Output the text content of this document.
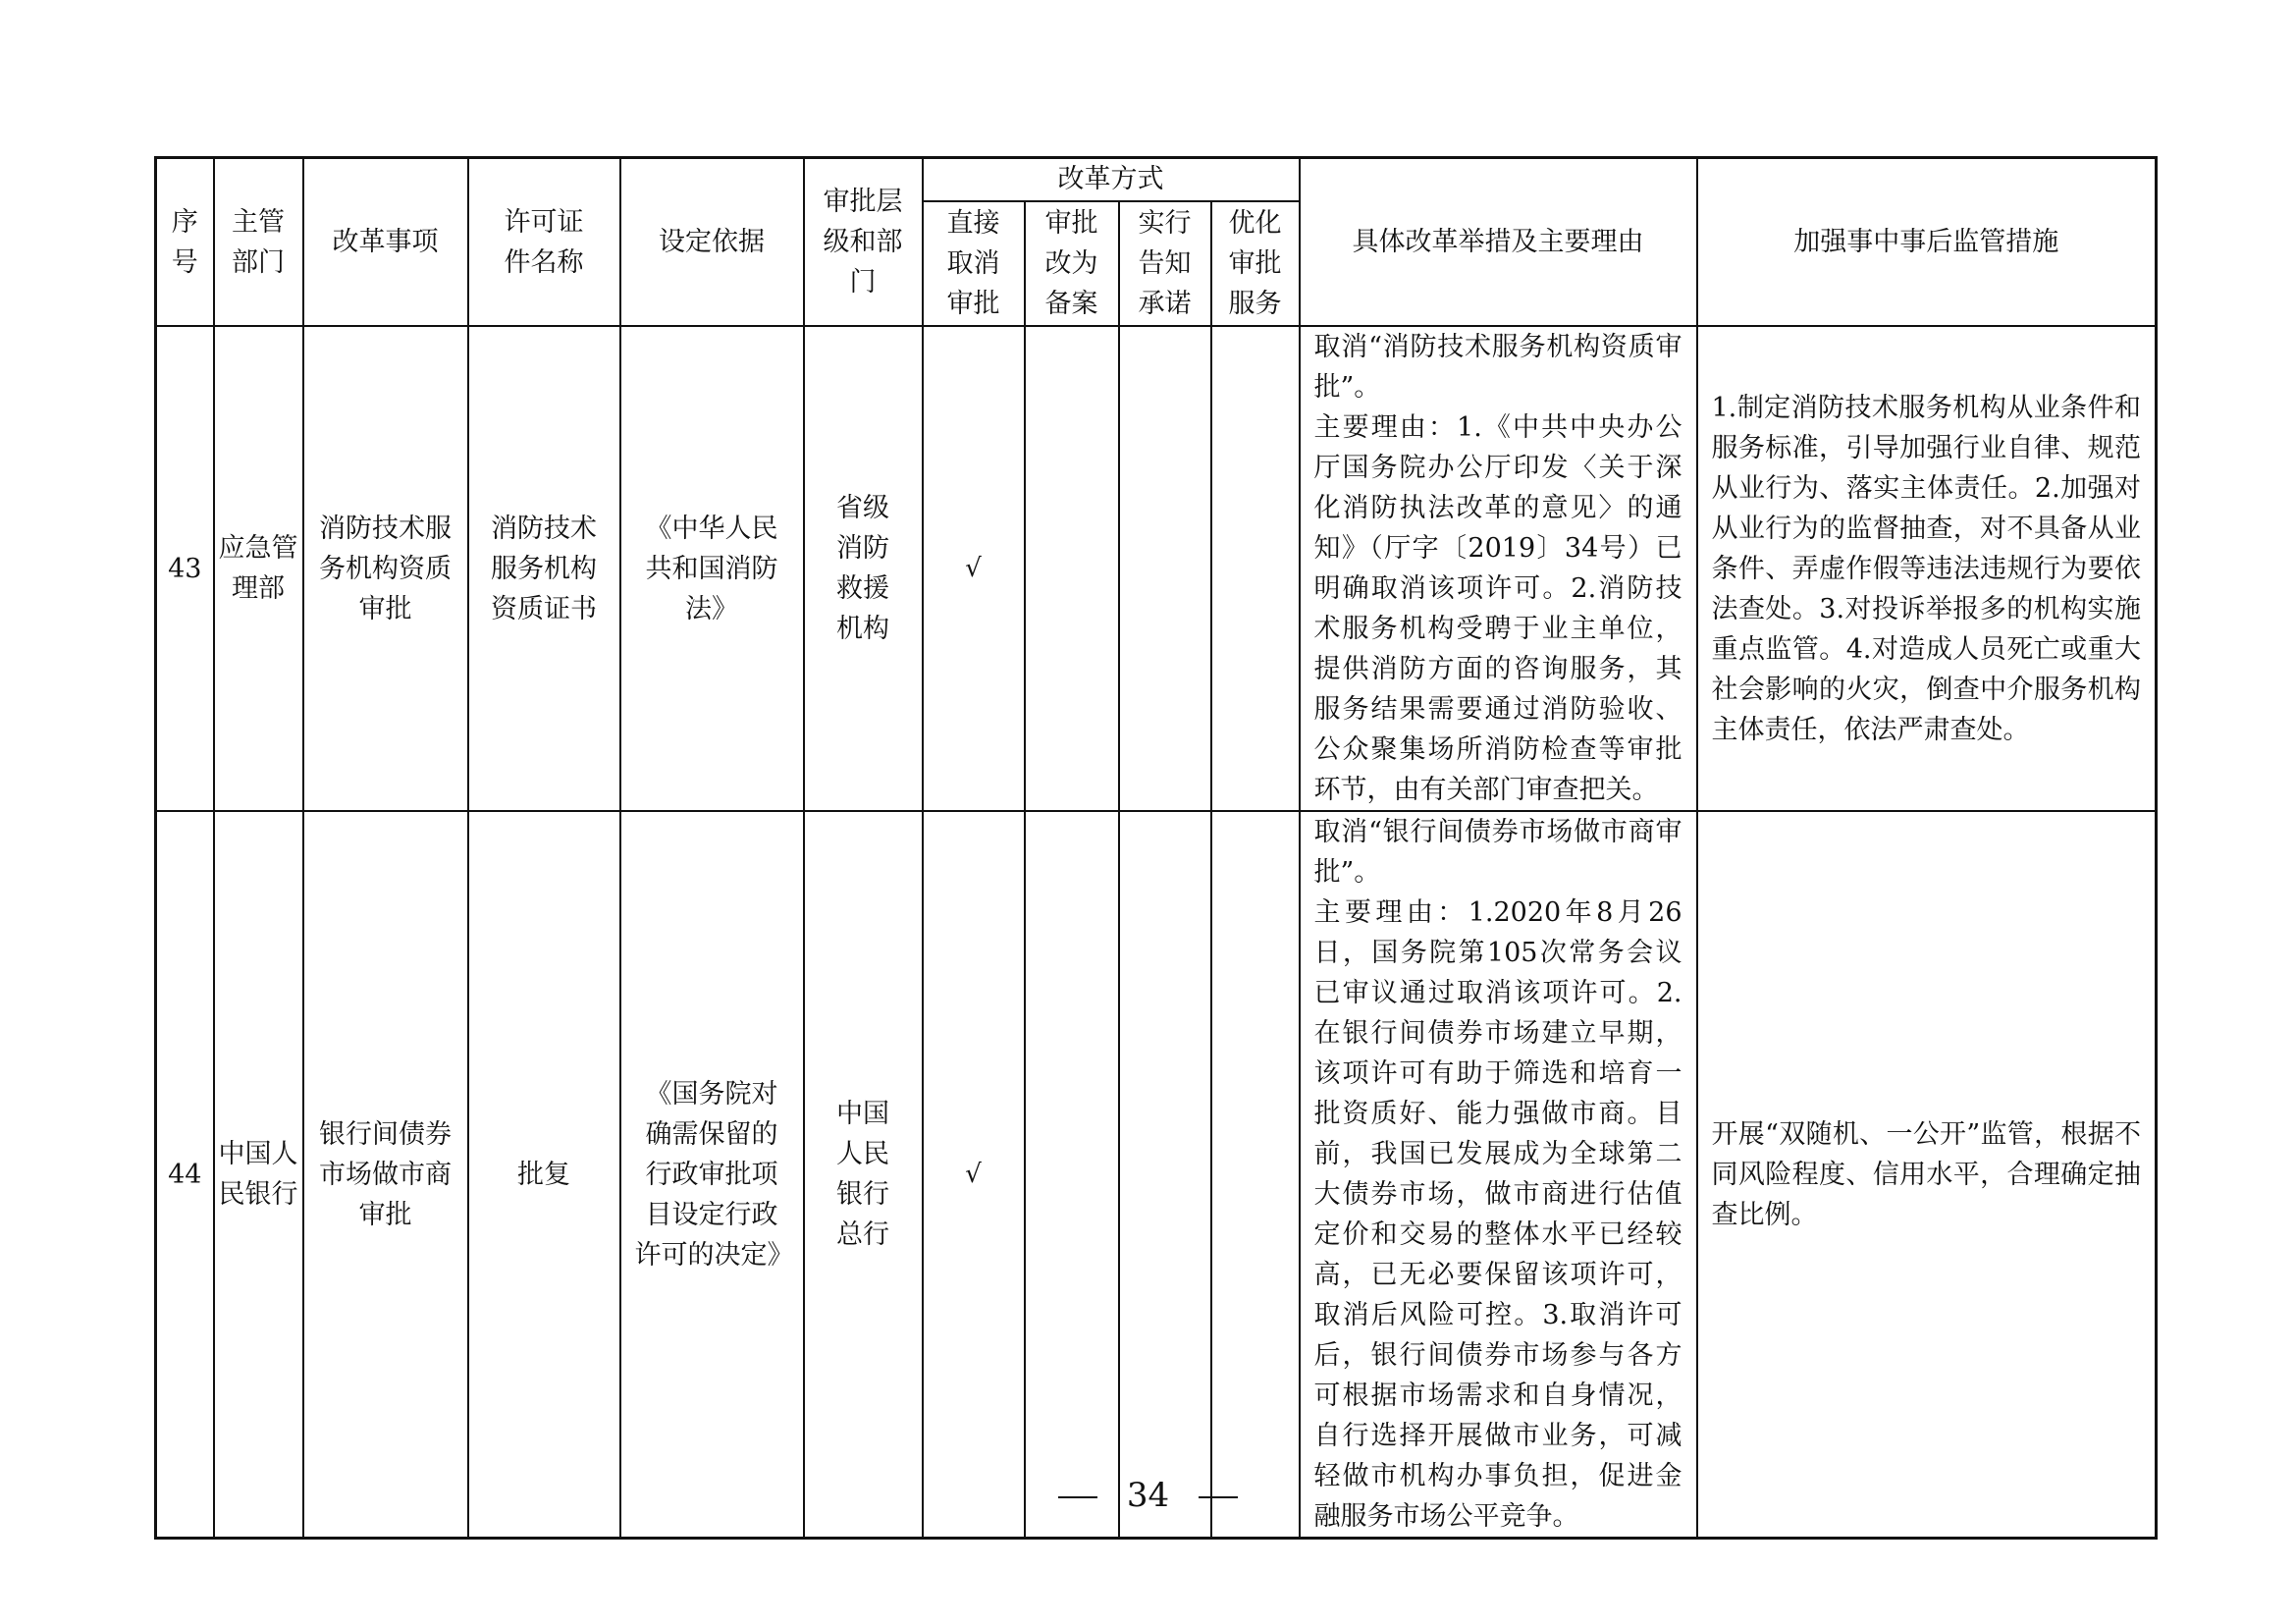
序号	主管部门	改革事项	许可证件名称	设定依据	审批层级和部门	改革方式				具体改革举措及主要理由	加强事中事后监管措施

						直接取消审批	审批改为备案	实行告知承诺	优化审批服务		

43	应急管理部	消防技术服务机构资质审批	消防技术服务机构资质证书	《中华人民共和国消防法》	省级消防救援机构	√				取消“消防技术服务机构资质审批”。
主要理由：1.《中共中央办公厅国务院办公厅印发〈关于深化消防执法改革的意见〉的通知》（厅字〔2019〕34号）已明确取消该项许可。2.消防技术服务机构受聘于业主单位，提供消防方面的咨询服务，其服务结果需要通过消防验收、公众聚集场所消防检查等审批环节，由有关部门审查把关。	1.制定消防技术服务机构从业条件和服务标准，引导加强行业自律、规范从业行为、落实主体责任。2.加强对从业行为的监督抽查，对不具备从业条件、弄虚作假等违法违规行为要依法查处。3.对投诉举报多的机构实施重点监管。4.对造成人员死亡或重大社会影响的火灾，倒查中介服务机构主体责任，依法严肃查处。

44	中国人民银行	银行间债券市场做市商审批	批复	《国务院对确需保留的行政审批项目设定行政许可的决定》	中国人民银行总行	√				取消“银行间债券市场做市商审批”。
主要理由：1.2020年8月26日，国务院第105次常务会议已审议通过取消该项许可。2.在银行间债券市场建立早期，该项许可有助于筛选和培育一批资质好、能力强做市商。目前，我国已发展成为全球第二大债券市场，做市商进行估值定价和交易的整体水平已经较高，已无必要保留该项许可，取消后风险可控。3.取消许可后，银行间债券市场参与各方可根据市场需求和自身情况，自行选择开展做市业务，可减轻做市机构办事负担，促进金融服务市场公平竞争。	开展“双随机、一公开”监管，根据不同风险程度、信用水平，合理确定抽查比例。
34
